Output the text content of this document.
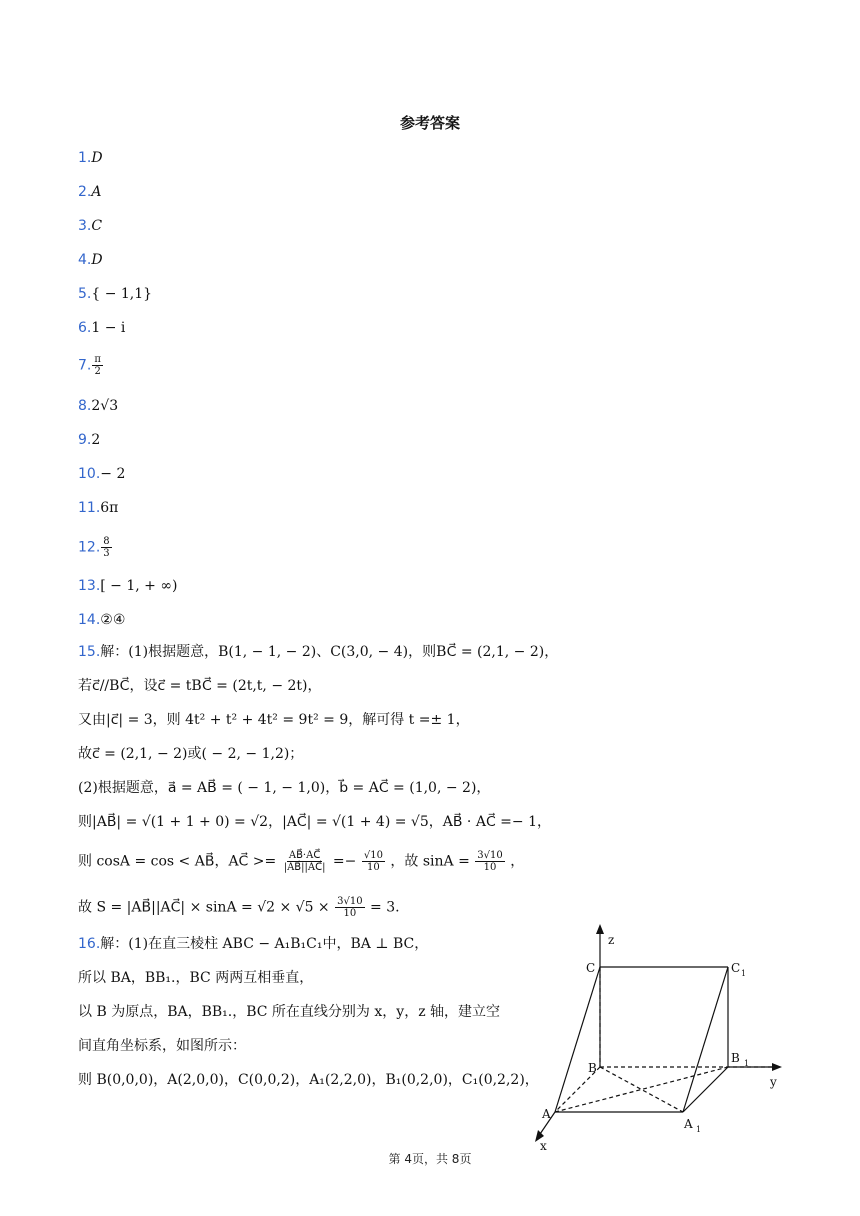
参考答案
1.D
2.A
3.C
4.D
5.{ − 1,1}
6.1 − i
7. $\frac{\pi}{2}$
8.2√3
9.2
10.− 2
11.6π
12. $\frac{8}{3}$
13.[ − 1, + ∞)
14.②④
15.解：(1)根据题意，B(1, − 1, − 2)、C(3,0, − 4)，则BC⃗ = (2,1, − 2)，
若c⃗//BC⃗，设c⃗ = tBC⃗ = (2t,t, − 2t)，
又由|c⃗| = 3，则 4t² + t² + 4t² = 9t² = 9，解可得 t =± 1，
故c⃗ = (2,1, − 2)或( − 2, − 1,2)；
(2)根据题意，a⃗ = AB⃗ = ( − 1, − 1,0)，b⃗ = AC⃗ = (1,0, − 2)，
则|AB⃗| = √(1 + 1 + 0) = √2，|AC⃗| = √(1 + 4) = √5，AB⃗ · AC⃗ =− 1，
则 cosA = cos < AB⃗，AC⃗ >= $\frac{AB⃗\cdot AC⃗}{|AB⃗||AC⃗|} =- \frac{√10}{10}$ ，故 $\sin A = \frac{3√10}{10}$ ，
故 S = |AB⃗||AC⃗| × $\sin A = √2 \times √5 \times \frac{3√10}{10} = 3$.
16.解：(1)在直三棱柱 ABC − A₁B₁C₁中，BA ⊥ BC，
所以 BA，BB₁.，BC 两两互相垂直，
以 B 为原点，BA，BB₁.，BC 所在直线分别为 x，y，z 轴，建立空
间直角坐标系，如图所示：
则 B(0,0,0)，A(2,0,0)，C(0,0,2)，A₁(2,2,0)，B₁(0,2,0)，C₁(0,2,2)，
z
y
x
C	C 1
B
B 1
A
A 1
第 4页，共 8页
